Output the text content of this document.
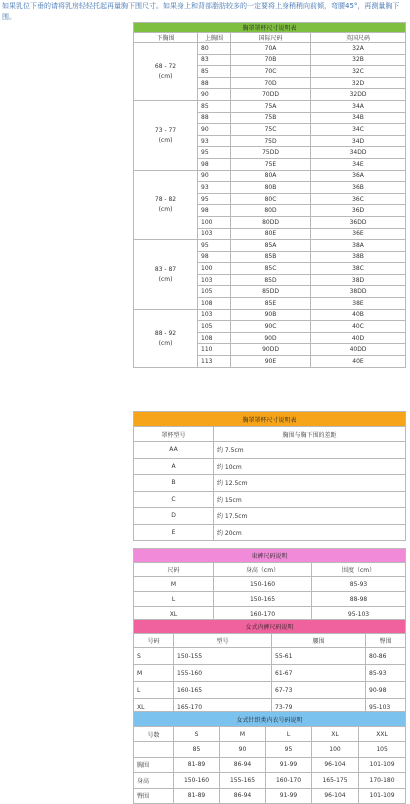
如果乳位下垂的请将乳房轻轻托起再量胸下围尺寸。如果身上和背部脂肪较多的一定要将上身稍稍向前倾，弯腰45°，再测量胸下围。
胸罩罩杯尺寸说明表			
下胸围	上胸围	国际尺码	英国尺码

68 - 72
(cm)	80	70A	32A
	83	70B	32B
	85	70C	32C
	88	70D	32D
	90	70DD	32DD

73 - 77
(cm)	85	75A	34A
	88	75B	34B
	90	75C	34C
	93	75D	34D
	95	75DD	34DD
	98	75E	34E

78 - 82
(cm)	90	80A	36A
	93	80B	36B
	95	80C	36C
	98	80D	36D
	100	80DD	36DD
	103	80E	36E

83 - 87
(cm)	95	85A	38A
	98	85B	38B
	100	85C	38C
	103	85D	38D
	105	85DD	38DD
	108	85E	38E

88 - 92
(cm)	103	90B	40B
	105	90C	40C
	108	90D	40D
	110	90DD	40DD
	113	90E	40E
胸罩罩杯尺寸说明表	
罩杯型号	胸围与胸下围的差距
AA	约 7.5cm
A	约 10cm
B	约 12.5cm
C	约 15cm
D	约 17.5cm
E	约 20cm
束裤尺码说明		
尺码	身高（cm）	围度（cm）
M	150-160	85-93
L	150-165	88-98
XL	160-170	95-103
女式内裤尺码说明			
号码	型号	腰围	臀围
S	150-155	55-61	80-86
M	155-160	61-67	85-93
L	160-165	67-73	90-98
XL	165-170	73-79	95-103
女式针织类内衣号码说明					
号数	S	M	L	XL	XXL
	85	90	95	100	105
胸围	81-89	86-94	91-99	96-104	101-109
身高	150-160	155-165	160-170	165-175	170-180
臀围	81-89	86-94	91-99	96-104	101-109
